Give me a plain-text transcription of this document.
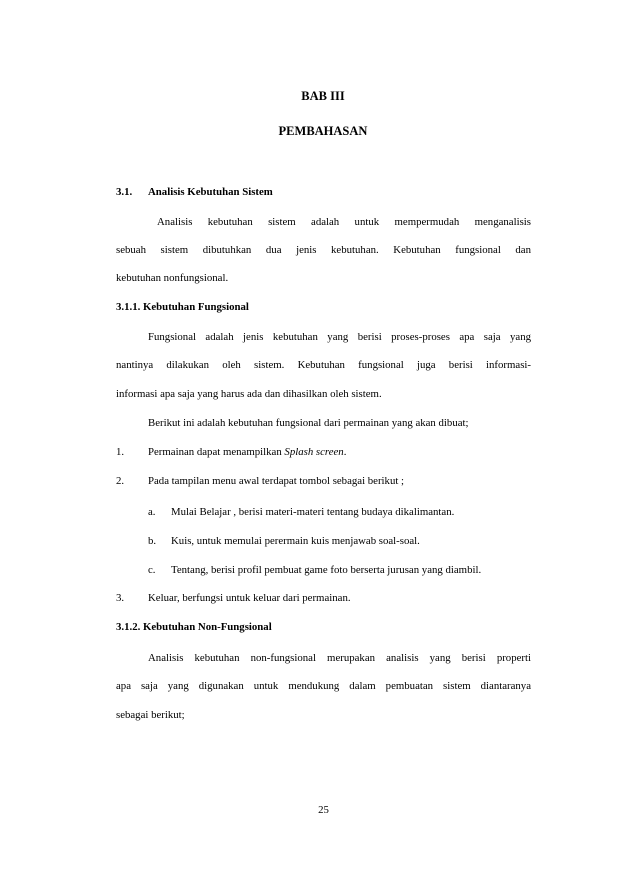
BAB III
PEMBAHASAN
3.1. Analisis Kebutuhan Sistem
Analisis kebutuhan sistem adalah untuk mempermudah menganalisis
sebuah sistem dibutuhkan dua jenis kebutuhan. Kebutuhan fungsional dan
kebutuhan nonfungsional.
3.1.1. Kebutuhan Fungsional
Fungsional adalah jenis kebutuhan yang berisi proses-proses apa saja yang
nantinya dilakukan oleh sistem. Kebutuhan fungsional juga berisi informasi-
informasi apa saja yang harus ada dan dihasilkan oleh sistem.
Berikut ini adalah kebutuhan fungsional dari permainan yang akan dibuat;
1. Permainan dapat menampilkan Splash screen.
2. Pada tampilan menu awal terdapat tombol sebagai berikut ;
a. Mulai Belajar , berisi materi-materi tentang budaya dikalimantan.
b. Kuis, untuk memulai perermain kuis menjawab soal-soal.
c. Tentang, berisi profil pembuat game foto berserta jurusan yang diambil.
3. Keluar, berfungsi untuk keluar dari permainan.
3.1.2. Kebutuhan Non-Fungsional
Analisis kebutuhan non-fungsional merupakan analisis yang berisi properti
apa saja yang digunakan untuk mendukung dalam pembuatan sistem diantaranya
sebagai berikut;
25
